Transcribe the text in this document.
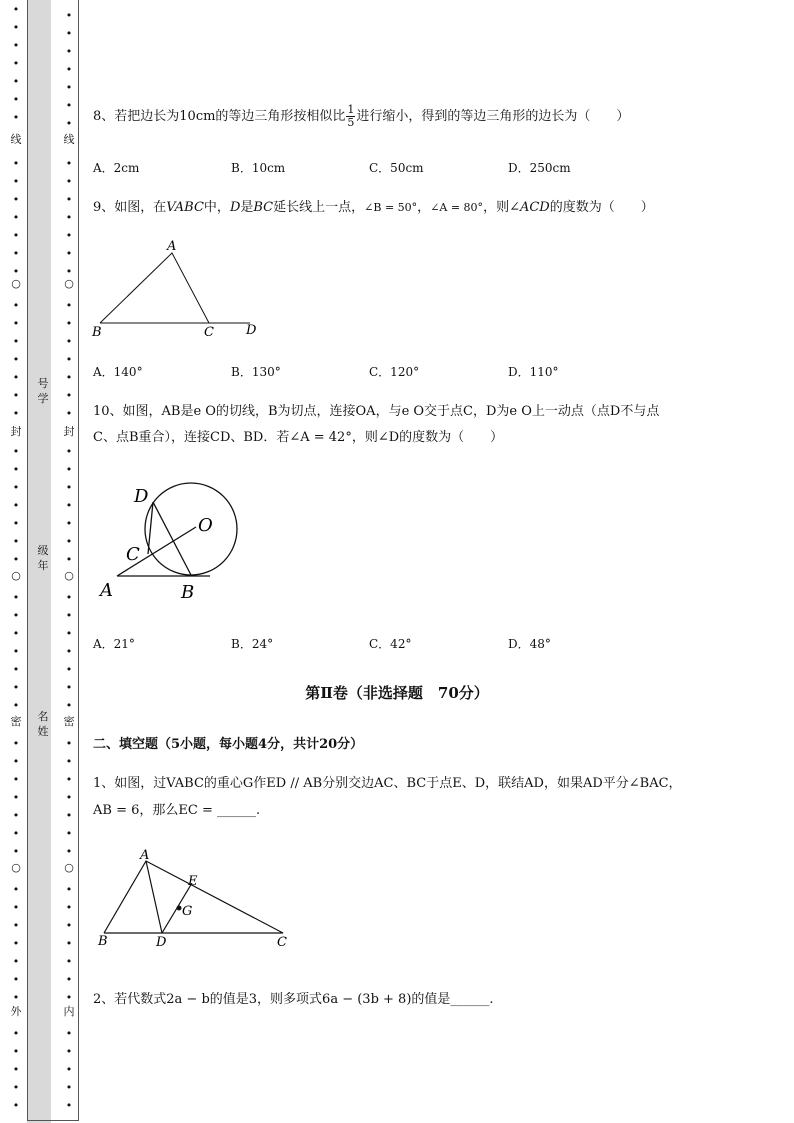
•
•
•
•
•
•
•
线
•
•
•
•
•
•
•
○
•
•
•
•
•
•
•
封
•
•
•
•
•
•
•
○
•
•
•
•
•
•
•
密
•
•
•
•
•
•
•
○
•
•
•
•
•
•
•
外
•
•
•
•
•
号学
级年
名姓
•
•
•
•
•
•
•
线
•
•
•
•
•
•
•
○
•
•
•
•
•
•
•
封
•
•
•
•
•
•
•
○
•
•
•
•
•
•
•
密
•
•
•
•
•
•
•
○
•
•
•
•
•
•
•
内
•
•
•
•
•
8、若把边长为10cm的等边三角形按相似比 $\frac{1}{5}$ 进行缩小，得到的等边三角形的边长为（　　）
A．2cm	B．10cm	C．50cm	D．250cm
9、如图，在VABC中，D是BC延长线上一点，∠B = 50°，∠A = 80°，则∠ACD的度数为（　　）
A
B	C D
A．140°	B．130°	C．120°	D．110°
10、如图，AB是e O的切线，B为切点，连接OA，与e O交于点C，D为e O上一动点（点D不与点
C、点B重合），连接CD、BD．若∠A = 42°，则∠D的度数为（　　）
D
O
C
A	B
A．21°	B．24°	C．42°	D．48°
第Ⅱ卷（非选择题　70分）
二、填空题（5小题，每小题4分，共计20分）
1、如图，过VABC的重心G作ED // AB分别交边AC、BC于点E、D，联结AD，如果AD平分∠BAC，
AB = 6，那么EC = ______.
A
E
G
B	D	C
2、若代数式2a − b的值是3，则多项式6a − (3b + 8)的值是______.
